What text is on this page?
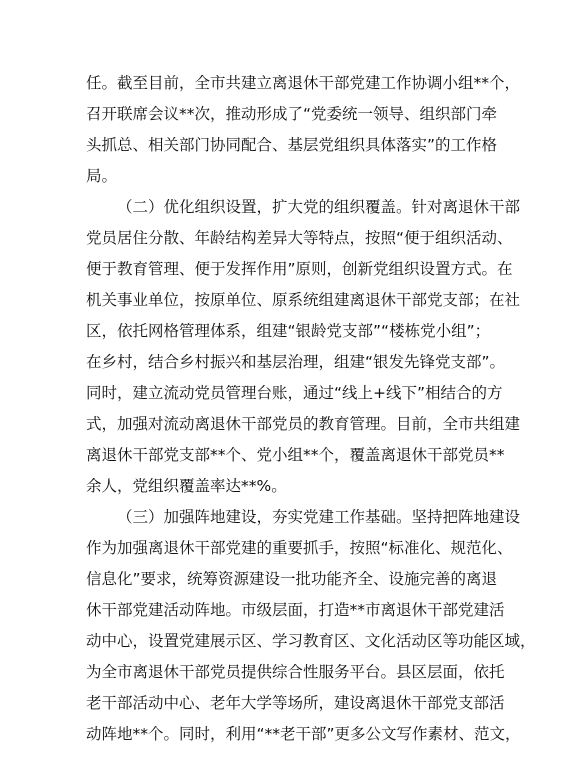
任。截至目前，全市共建立离退休干部党建工作协调小组**个，
召开联席会议**次，推动形成了“党委统一领导、组织部门牵
头抓总、相关部门协同配合、基层党组织具体落实”的工作格
局。

（二）优化组织设置，扩大党的组织覆盖。针对离退休干部
党员居住分散、年龄结构差异大等特点，按照“便于组织活动、
便于教育管理、便于发挥作用”原则，创新党组织设置方式。在
机关事业单位，按原单位、原系统组建离退休干部党支部；在社
区，依托网格管理体系，组建“银龄党支部”“楼栋党小组”；
在乡村，结合乡村振兴和基层治理，组建“银发先锋党支部”。
同时，建立流动党员管理台账，通过“线上+线下”相结合的方
式，加强对流动离退休干部党员的教育管理。目前，全市共组建
离退休干部党支部**个、党小组**个，覆盖离退休干部党员**
余人，党组织覆盖率达**%。

（三）加强阵地建设，夯实党建工作基础。坚持把阵地建设
作为加强离退休干部党建的重要抓手，按照“标准化、规范化、
信息化”要求，统筹资源建设一批功能齐全、设施完善的离退
休干部党建活动阵地。市级层面，打造**市离退休干部党建活
动中心，设置党建展示区、学习教育区、文化活动区等功能区域，
为全市离退休干部党员提供综合性服务平台。县区层面，依托
老干部活动中心、老年大学等场所，建设离退休干部党支部活
动阵地**个。同时，利用“**老干部”更多公文写作素材、范文，
